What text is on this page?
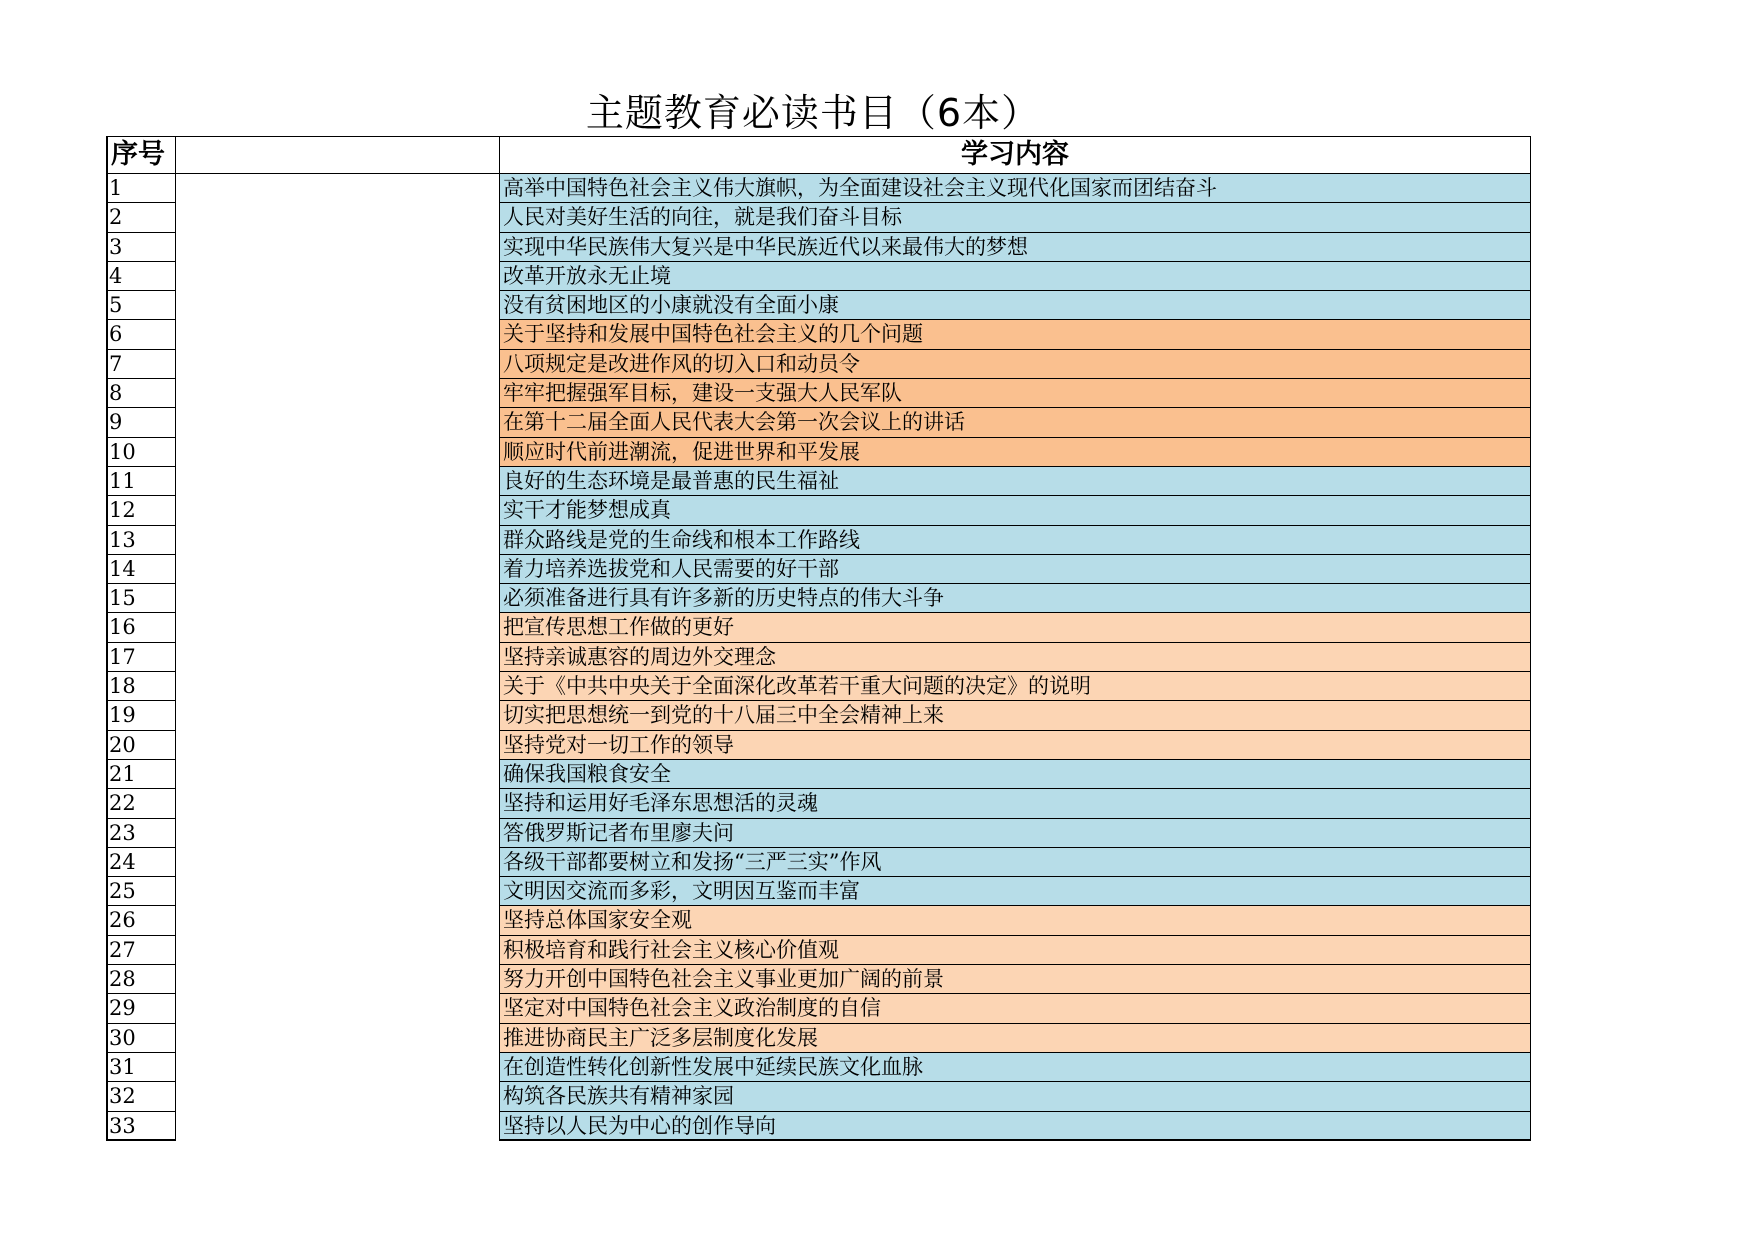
主题教育必读书目（6本）
序号	学习内容
1	高举中国特色社会主义伟大旗帜，为全面建设社会主义现代化国家而团结奋斗
2	人民对美好生活的向往，就是我们奋斗目标
3	实现中华民族伟大复兴是中华民族近代以来最伟大的梦想
4	改革开放永无止境
5	没有贫困地区的小康就没有全面小康
6	关于坚持和发展中国特色社会主义的几个问题
7	八项规定是改进作风的切入口和动员令
8	牢牢把握强军目标，建设一支强大人民军队
9	在第十二届全面人民代表大会第一次会议上的讲话
10	顺应时代前进潮流，促进世界和平发展
11	良好的生态环境是最普惠的民生福祉
12	实干才能梦想成真
13	群众路线是党的生命线和根本工作路线
14	着力培养选拔党和人民需要的好干部
15	必须准备进行具有许多新的历史特点的伟大斗争
16	把宣传思想工作做的更好
17	坚持亲诚惠容的周边外交理念
18	关于《中共中央关于全面深化改革若干重大问题的决定》的说明
19	切实把思想统一到党的十八届三中全会精神上来
20	坚持党对一切工作的领导
21	确保我国粮食安全
22	坚持和运用好毛泽东思想活的灵魂
23	答俄罗斯记者布里廖夫问
24	各级干部都要树立和发扬“三严三实”作风
25	文明因交流而多彩，文明因互鉴而丰富
26	坚持总体国家安全观
27	积极培育和践行社会主义核心价值观
28	努力开创中国特色社会主义事业更加广阔的前景
29	坚定对中国特色社会主义政治制度的自信
30	推进协商民主广泛多层制度化发展
31	在创造性转化创新性发展中延续民族文化血脉
32	构筑各民族共有精神家园
33	坚持以人民为中心的创作导向
